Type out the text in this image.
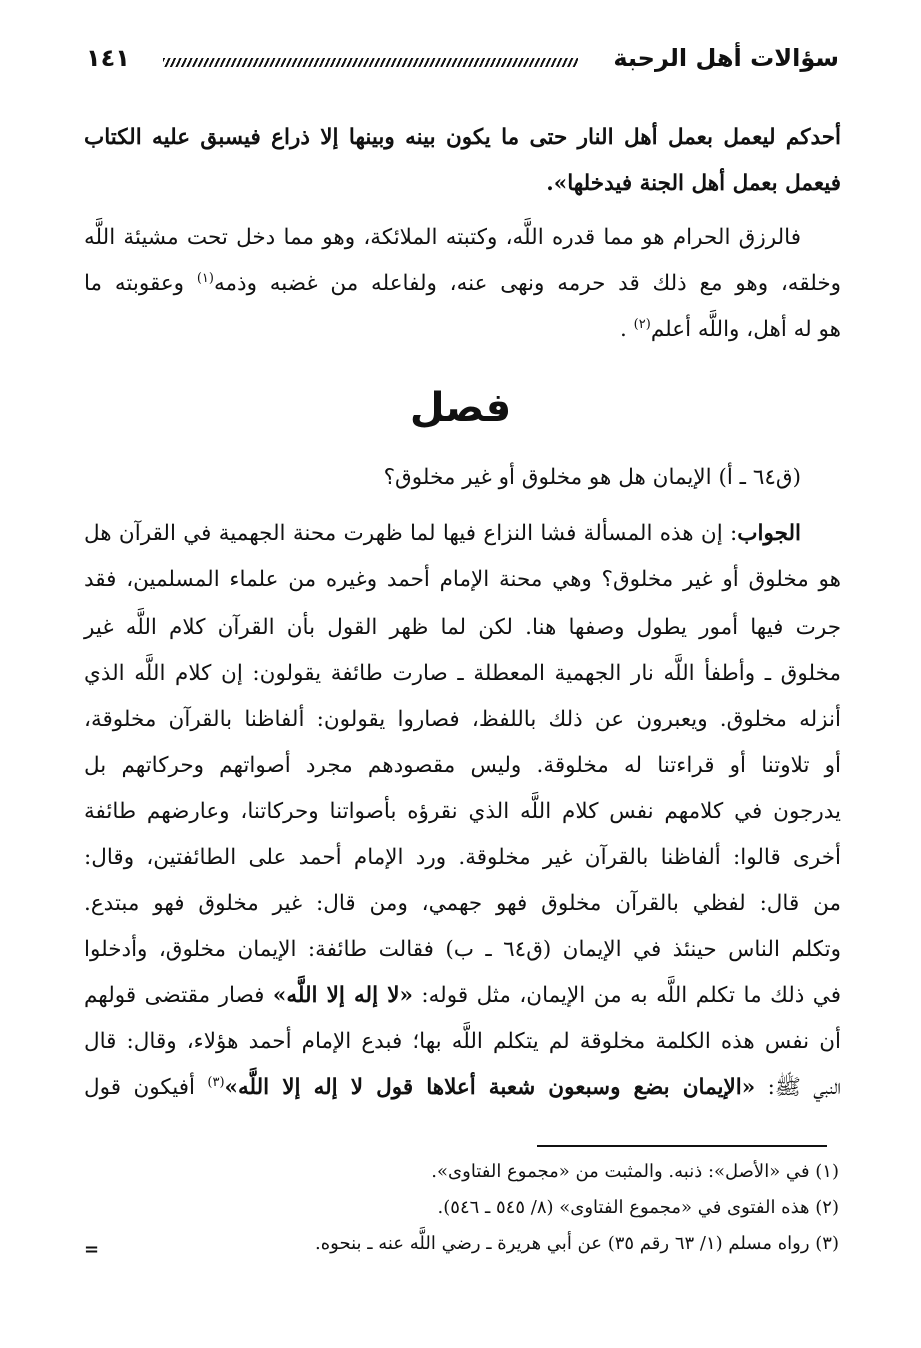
سؤالات أهل الرحبة
١٤١
أحدكم ليعمل بعمل أهل النار حتى ما يكون بينه وبينها إلا ذراع فيسبق عليه الكتاب
فيعمل بعمل أهل الجنة فيدخلها».
فالرزق الحرام هو مما قدره اللَّه، وكتبته الملائكة، وهو مما دخل تحت مشيئة اللَّه
وخلقه، وهو مع ذلك قد حرمه ونهى عنه، ولفاعله من غضبه وذمه$^{(١)}$ وعقوبته ما
هو له أهل، واللَّه أعلم$^{(٢)}$ .
فصل
(ق٦٤ ـ أ) الإيمان هل هو مخلوق أو غير مخلوق؟
الجواب: إن هذه المسألة فشا النزاع فيها لما ظهرت محنة الجهمية في القرآن هل
هو مخلوق أو غير مخلوق؟ وهي محنة الإمام أحمد وغيره من علماء المسلمين، فقد
جرت فيها أمور يطول وصفها هنا. لكن لما ظهر القول بأن القرآن كلام اللَّه غير
مخلوق ـ وأطفأ اللَّه نار الجهمية المعطلة ـ صارت طائفة يقولون: إن كلام اللَّه الذي
أنزله مخلوق. ويعبرون عن ذلك باللفظ، فصاروا يقولون: ألفاظنا بالقرآن مخلوقة،
أو تلاوتنا أو قراءتنا له مخلوقة. وليس مقصودهم مجرد أصواتهم وحركاتهم بل
يدرجون في كلامهم نفس كلام اللَّه الذي نقرؤه بأصواتنا وحركاتنا، وعارضهم طائفة
أخرى قالوا: ألفاظنا بالقرآن غير مخلوقة. ورد الإمام أحمد على الطائفتين، وقال:
من قال: لفظي بالقرآن مخلوق فهو جهمي، ومن قال: غير مخلوق فهو مبتدع.
وتكلم الناس حينئذ في الإيمان (ق٦٤ ـ ب) فقالت طائفة: الإيمان مخلوق، وأدخلوا
في ذلك ما تكلم اللَّه به من الإيمان، مثل قوله: «لا إله إلا اللَّه» فصار مقتضى قولهم
أن نفس هذه الكلمة مخلوقة لم يتكلم اللَّه بها؛ فبدع الإمام أحمد هؤلاء، وقال: قال
النبي ﷺ: «الإيمان بضع وسبعون شعبة أعلاها قول لا إله إلا اللَّه»$^{(٣)}$ أفيكون قول
(١) في «الأصل»: ذنبه. والمثبت من «مجموع الفتاوى».
(٢) هذه الفتوى في «مجموع الفتاوى» (٨/ ٥٤٥ ـ ٥٤٦).
(٣) رواه مسلم (١/ ٦٣ رقم ٣٥) عن أبي هريرة ـ رضي اللَّه عنه ـ بنحوه.
=
